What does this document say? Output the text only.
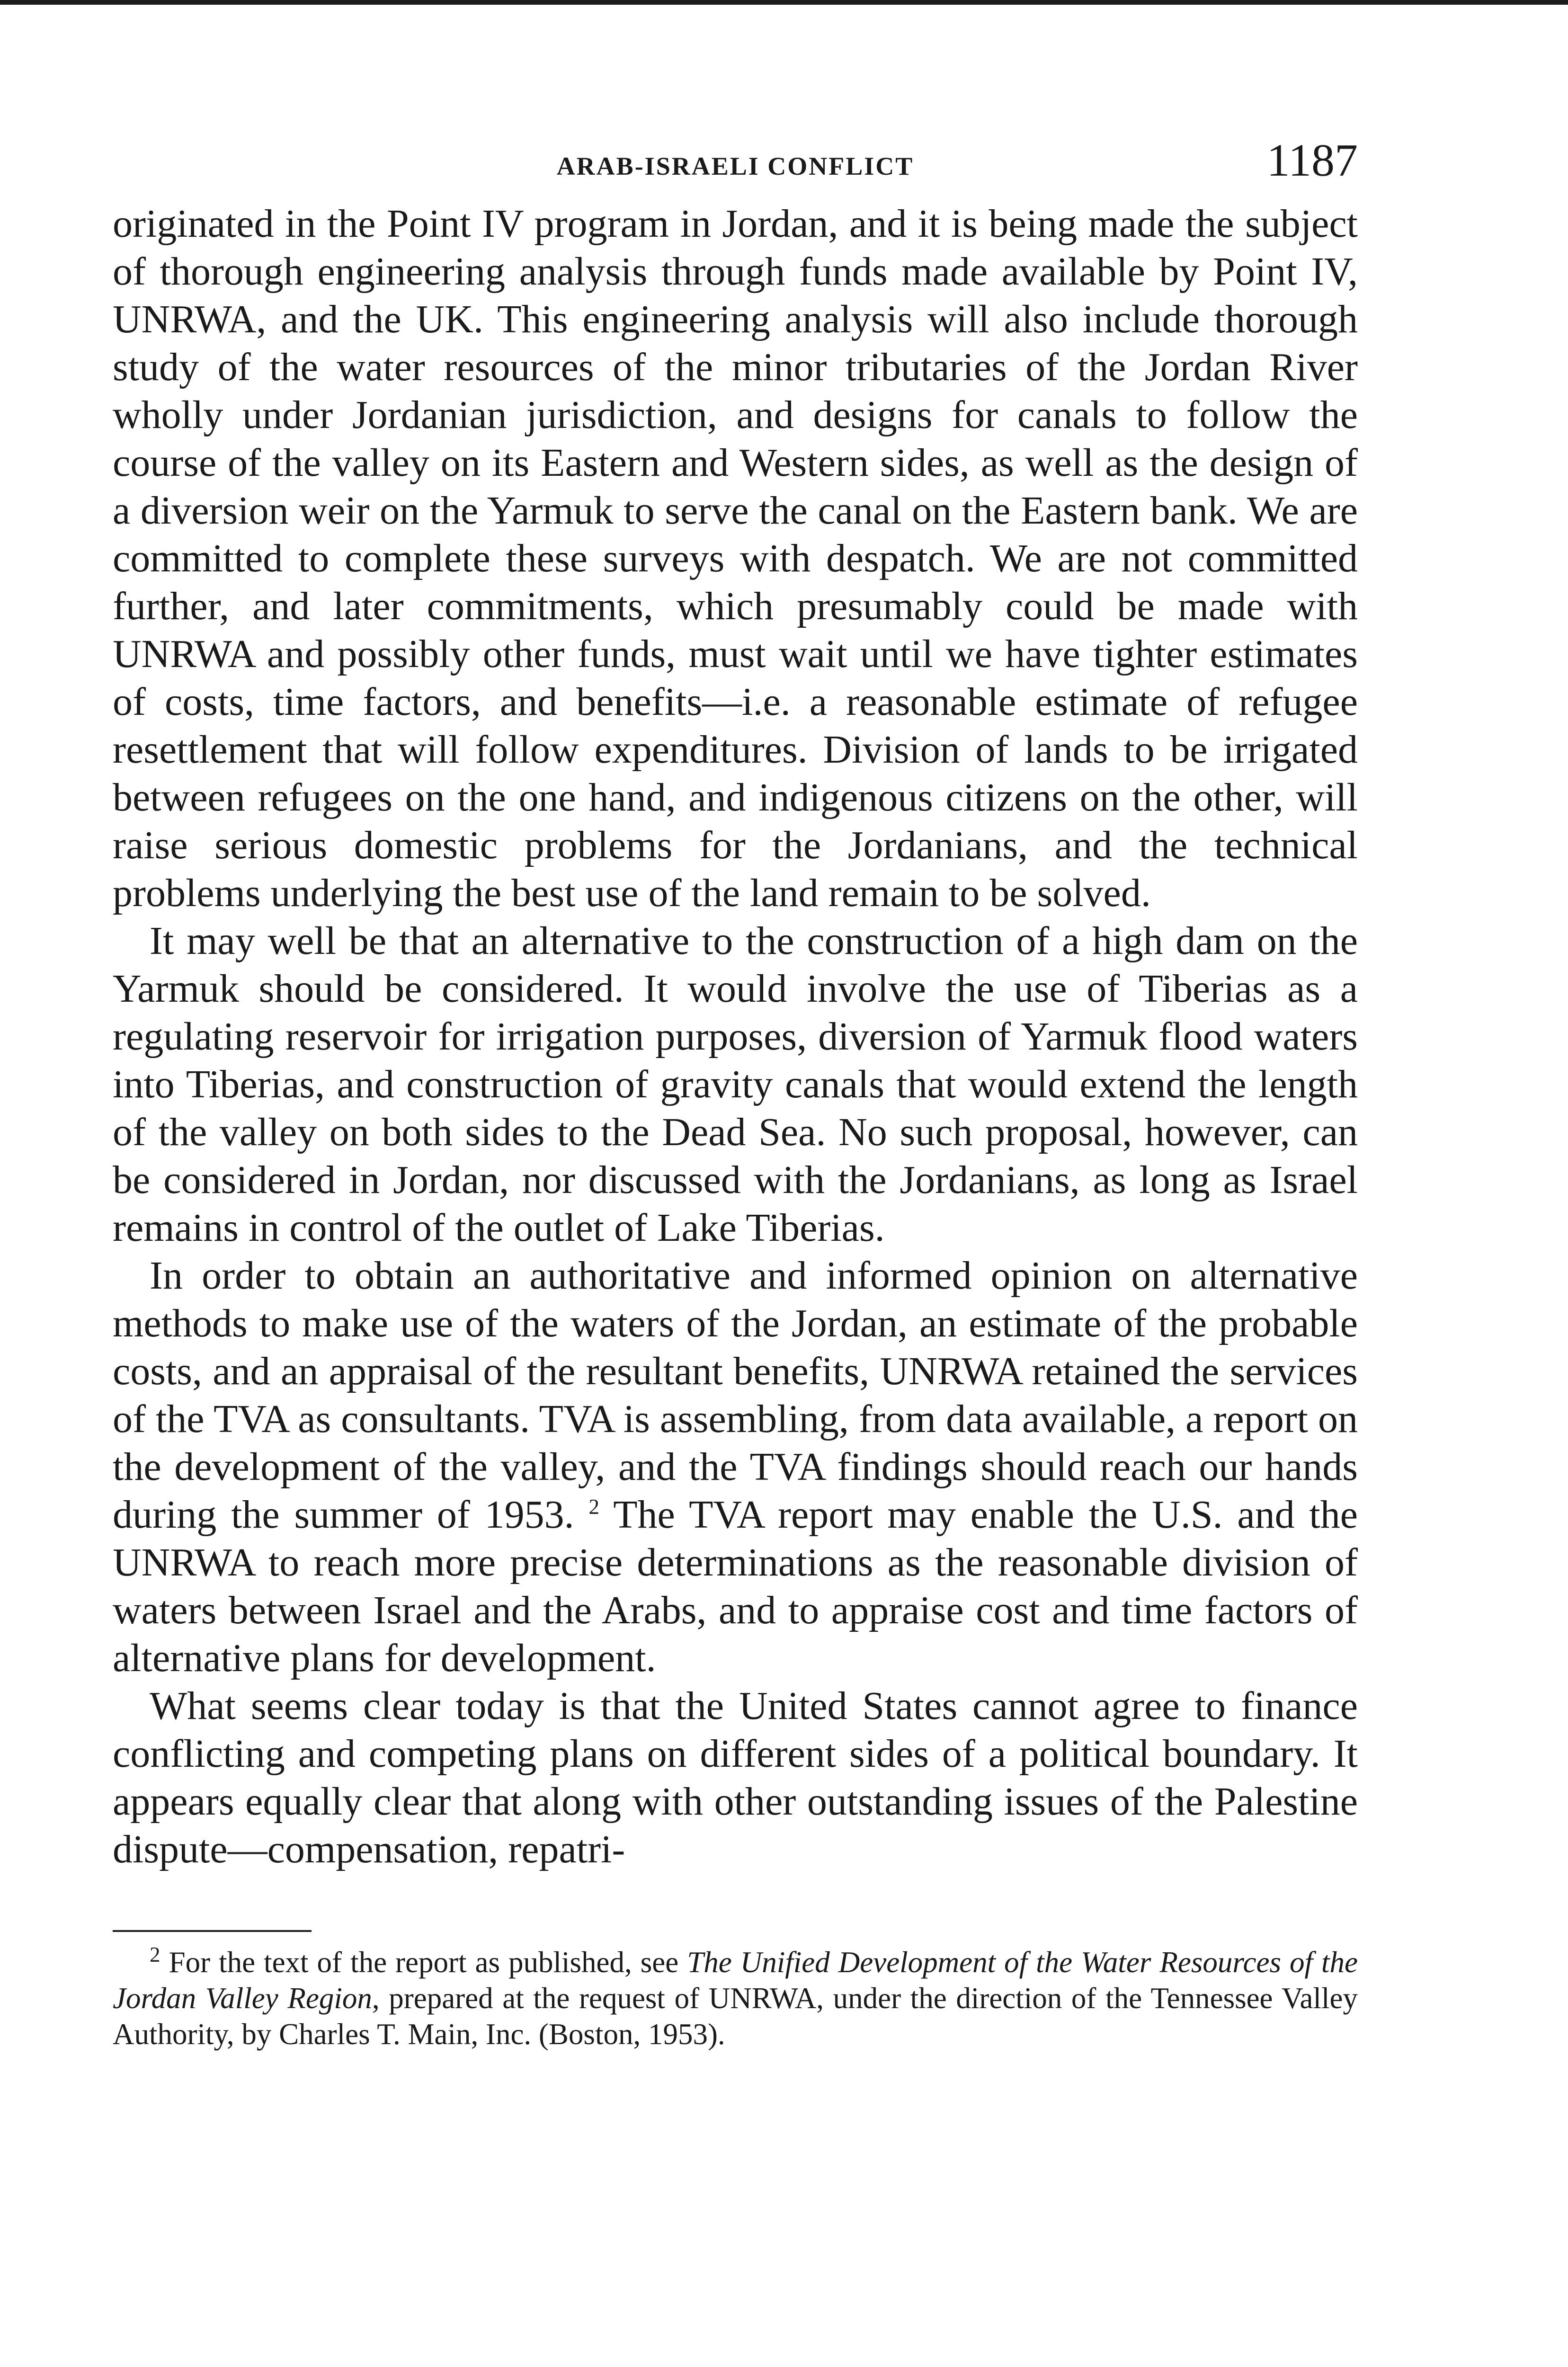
ARAB-ISRAELI CONFLICT	1187

originated in the Point IV program in Jordan, and it is being made the subject of thorough engineering analysis through funds made available by Point IV, UNRWA, and the UK. This engineering analysis will also include thorough study of the water resources of the minor tributaries of the Jordan River wholly under Jordanian jurisdiction, and designs for canals to follow the course of the valley on its Eastern and Western sides, as well as the design of a diversion weir on the Yarmuk to serve the canal on the Eastern bank. We are committed to complete these surveys with despatch. We are not committed further, and later commitments, which presumably could be made with UNRWA and possibly other funds, must wait until we have tighter estimates of costs, time factors, and benefits—i.e. a reasonable estimate of refugee resettlement that will follow expenditures. Division of lands to be irrigated between refugees on the one hand, and indigenous citizens on the other, will raise serious domestic problems for the Jordanians, and the technical problems underlying the best use of the land remain to be solved.

It may well be that an alternative to the construction of a high dam on the Yarmuk should be considered. It would involve the use of Tiberias as a regulating reservoir for irrigation purposes, diversion of Yarmuk flood waters into Tiberias, and construction of gravity canals that would extend the length of the valley on both sides to the Dead Sea. No such proposal, however, can be considered in Jordan, nor discussed with the Jordanians, as long as Israel remains in control of the outlet of Lake Tiberias.

In order to obtain an authoritative and informed opinion on alternative methods to make use of the waters of the Jordan, an estimate of the probable costs, and an appraisal of the resultant benefits, UNRWA retained the services of the TVA as consultants. TVA is assembling, from data available, a report on the development of the valley, and the TVA findings should reach our hands during the summer of 1953. $^2$ The TVA report may enable the U.S. and the UNRWA to reach more precise determinations as the reasonable division of waters between Israel and the Arabs, and to appraise cost and time factors of alternative plans for development.

What seems clear today is that the United States cannot agree to finance conflicting and competing plans on different sides of a political boundary. It appears equally clear that along with other outstanding issues of the Palestine dispute—compensation, repatri-

$^2$ For the text of the report as published, see The Unified Development of the Water Resources of the Jordan Valley Region, prepared at the request of UNRWA, under the direction of the Tennessee Valley Authority, by Charles T. Main, Inc. (Boston, 1953).
